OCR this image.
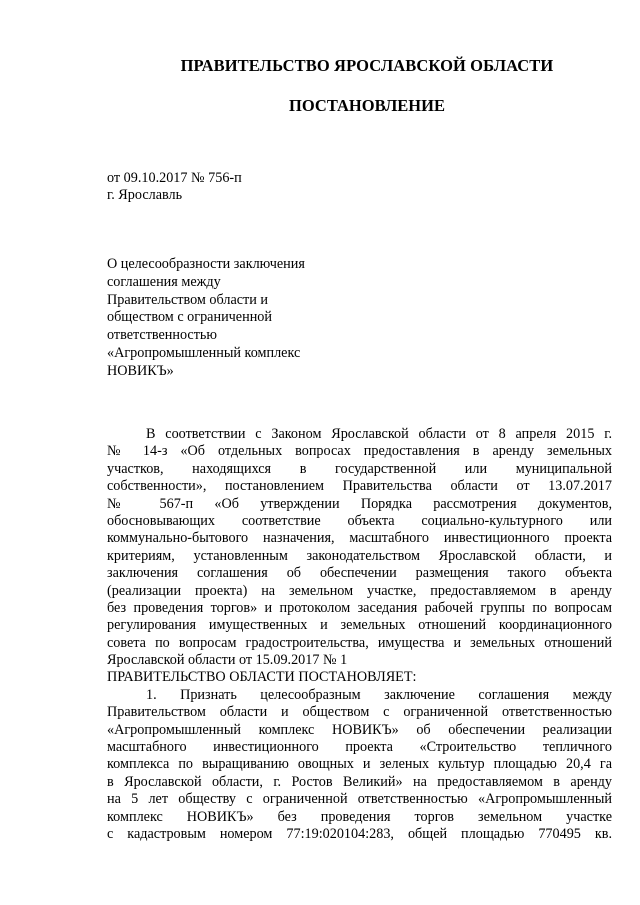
ПРАВИТЕЛЬСТВО ЯРОСЛАВСКОЙ ОБЛАСТИ
ПОСТАНОВЛЕНИЕ
от 09.10.2017 № 756-п
г. Ярославль
О целесообразности заключения
соглашения между
Правительством области и
обществом с ограниченной
ответственностью
«Агропромышленный комплекс
НОВИКЪ»
В соответствии с Законом Ярославской области от 8 апреля 2015 г.
№ 14-з «Об отдельных вопросах предоставления в аренду земельных
участков, находящихся в государственной или муниципальной
собственности», постановлением Правительства области от 13.07.2017
№ 567-п «Об утверждении Порядка рассмотрения документов,
обосновывающих соответствие объекта социально-культурного или
коммунально-бытового назначения, масштабного инвестиционного проекта
критериям, установленным законодательством Ярославской области, и
заключения соглашения об обеспечении размещения такого объекта
(реализации проекта) на земельном участке, предоставляемом в аренду
без проведения торгов» и протоколом заседания рабочей группы по вопросам
регулирования имущественных и земельных отношений координационного
совета по вопросам градостроительства, имущества и земельных отношений
Ярославской области от 15.09.2017 № 1
ПРАВИТЕЛЬСТВО ОБЛАСТИ ПОСТАНОВЛЯЕТ:
1. Признать целесообразным заключение соглашения между
Правительством области и обществом с ограниченной ответственностью
«Агропромышленный комплекс НОВИКЪ» об обеспечении реализации
масштабного инвестиционного проекта «Строительство тепличного
комплекса по выращиванию овощных и зеленых культур площадью 20,4 га
в Ярославской области, г. Ростов Великий» на предоставляемом в аренду
на 5 лет обществу с ограниченной ответственностью «Агропромышленный
комплекс НОВИКЪ» без проведения торгов земельном участке
с кадастровым номером 77:19:020104:283, общей площадью 770495 кв.
